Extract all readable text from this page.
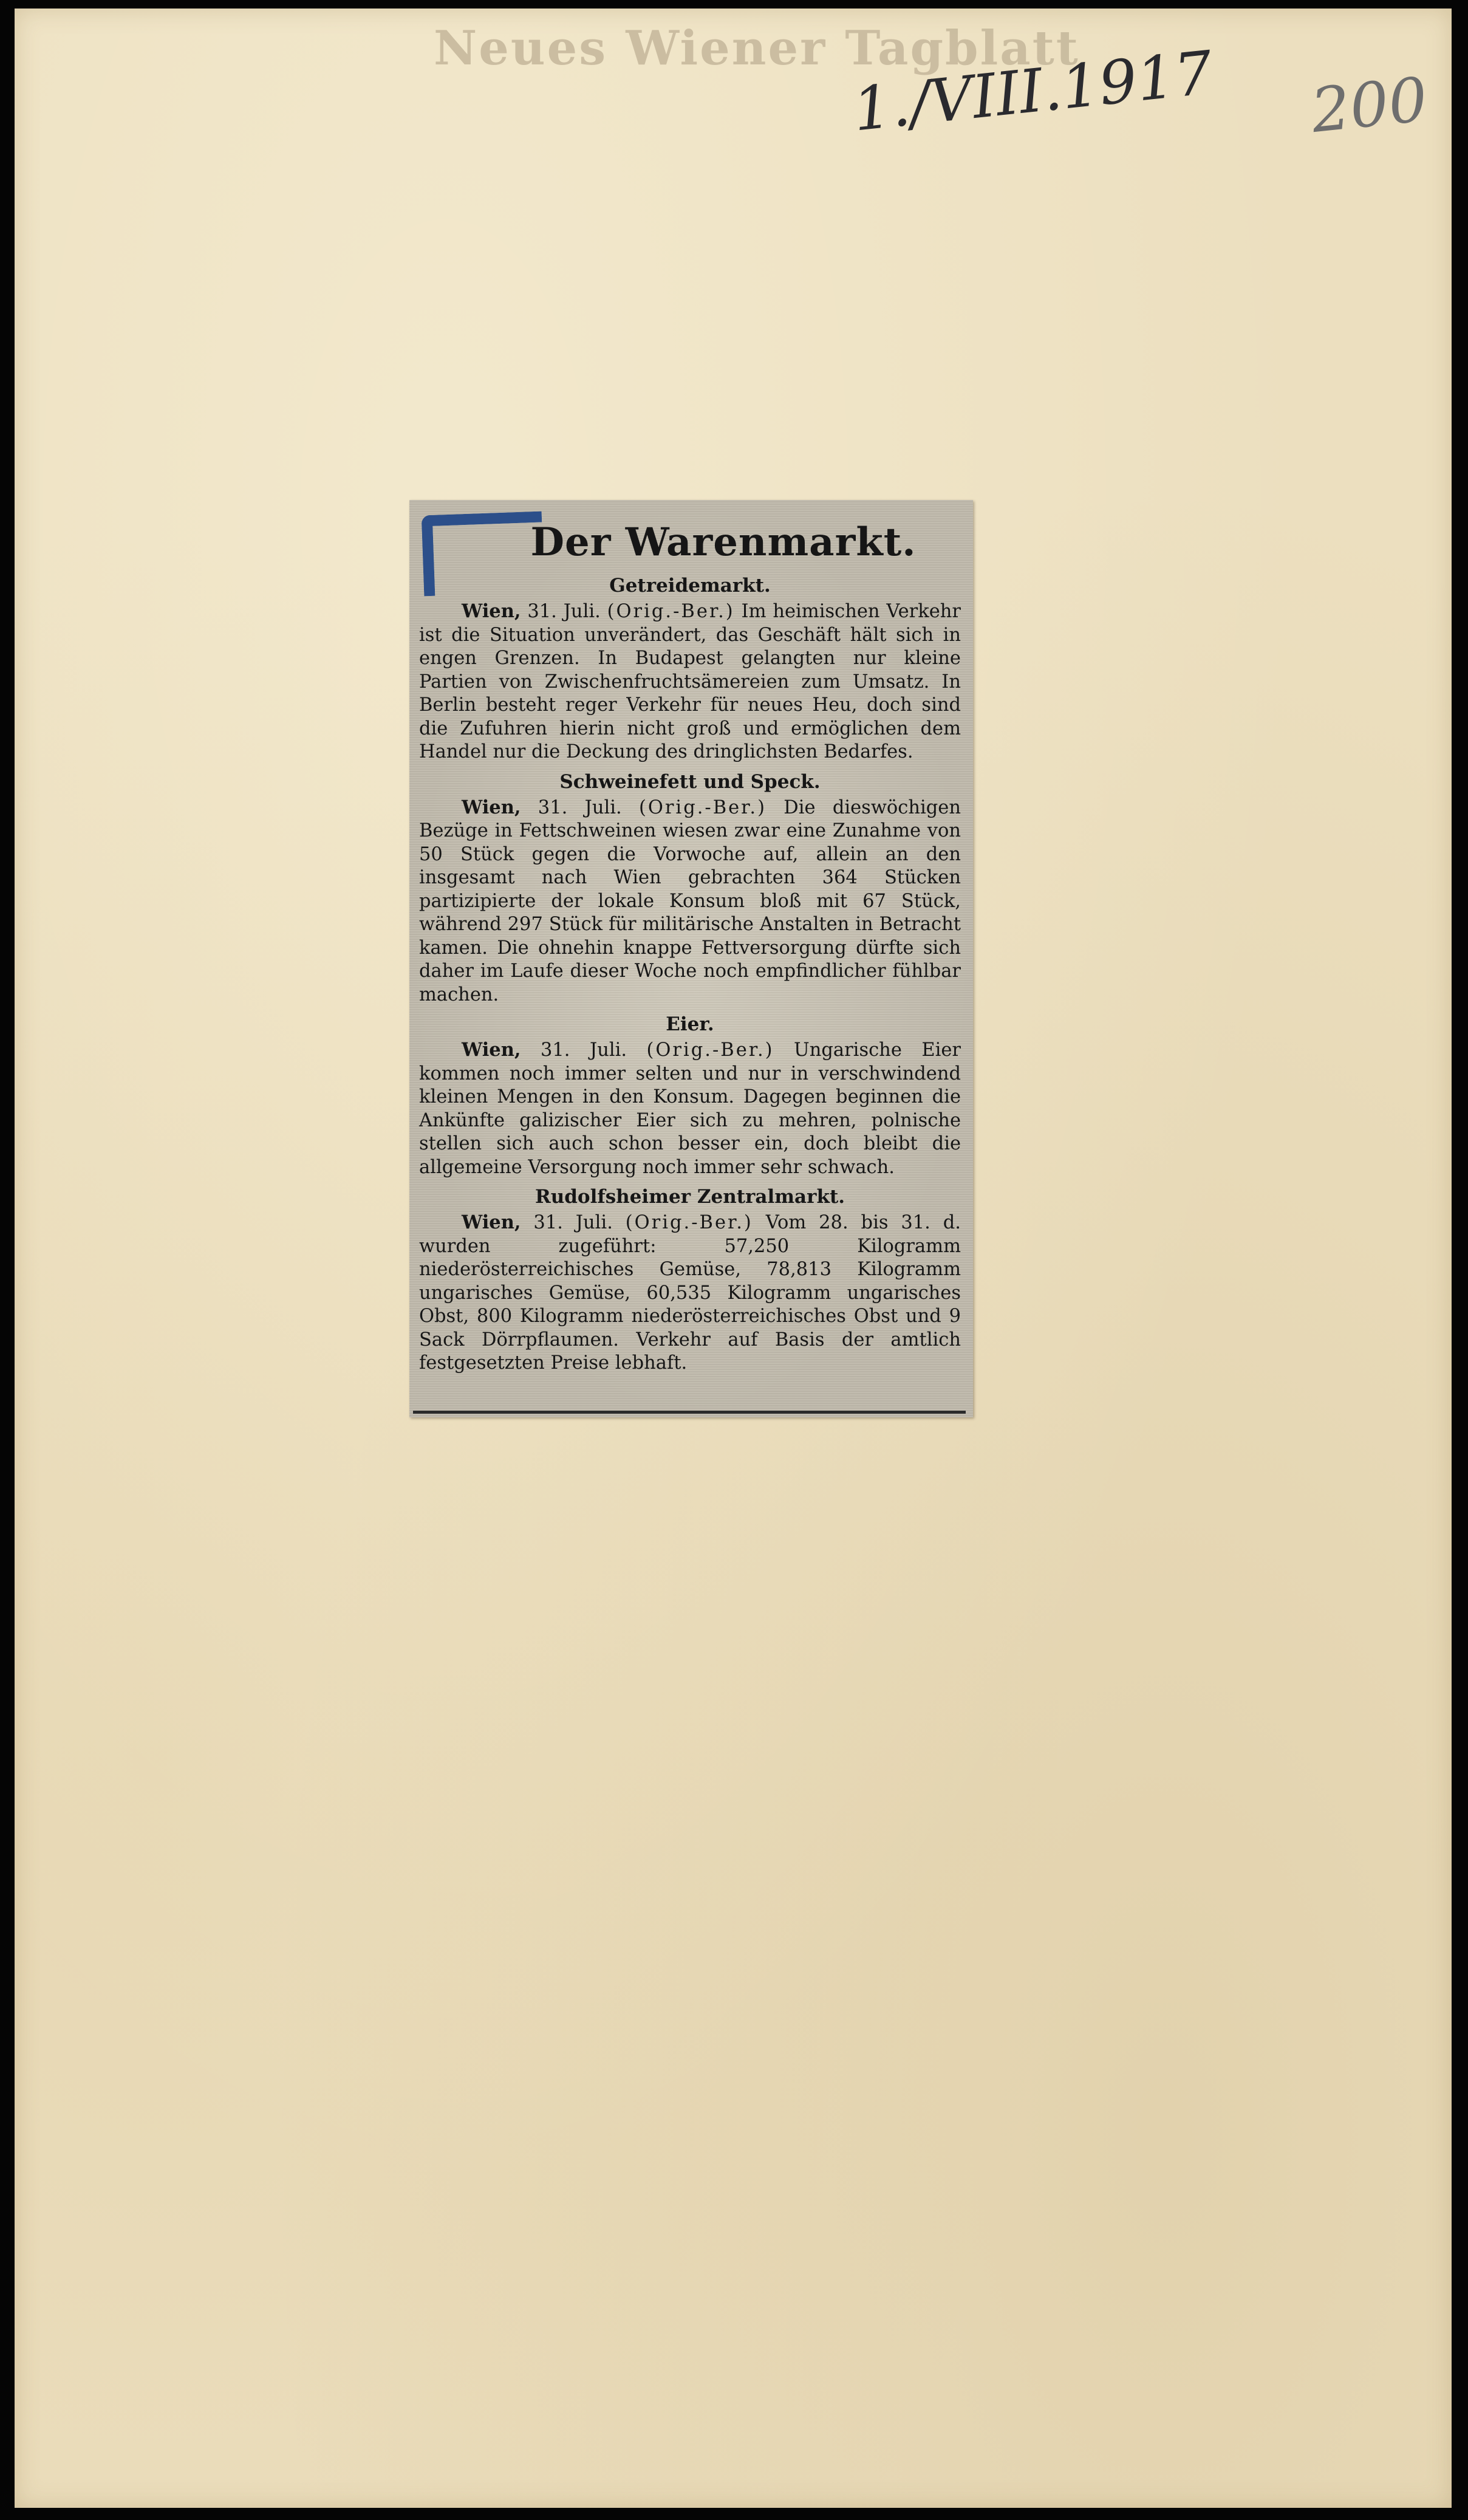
Neues Wiener Tagblatt
1./VIII.1917 200
Der Warenmarkt.
Getreidemarkt.

Wien, 31. Juli. (Orig.-Ber.) Im heimischen Verkehr ist die Situation unverändert, das Geschäft hält sich in engen Grenzen. In Budapest gelangten nur kleine Partien von Zwischenfruchtsämereien zum Umsatz. In Berlin besteht reger Verkehr für neues Heu, doch sind die Zufuhren hierin nicht groß und ermöglichen dem Handel nur die Deckung des dringlichsten Bedarfes.

Schweinefett und Speck.

Wien, 31. Juli. (Orig.-Ber.) Die dieswöchigen Bezüge in Fettschweinen wiesen zwar eine Zunahme von 50 Stück gegen die Vorwoche auf, allein an den insgesamt nach Wien gebrachten 364 Stücken partizipierte der lokale Konsum bloß mit 67 Stück, während 297 Stück für militärische Anstalten in Betracht kamen. Die ohnehin knappe Fettversorgung dürfte sich daher im Laufe dieser Woche noch empfindlicher fühlbar machen.

Eier.

Wien, 31. Juli. (Orig.-Ber.) Ungarische Eier kommen noch immer selten und nur in verschwindend kleinen Mengen in den Konsum. Dagegen beginnen die Ankünfte galizischer Eier sich zu mehren, polnische stellen sich auch schon besser ein, doch bleibt die allgemeine Versorgung noch immer sehr schwach.

Rudolfsheimer Zentralmarkt.

Wien, 31. Juli. (Orig.-Ber.) Vom 28. bis 31. d. wurden zugeführt: 57,250 Kilogramm niederösterreichisches Gemüse, 78,813 Kilogramm ungarisches Gemüse, 60,535 Kilogramm ungarisches Obst, 800 Kilogramm niederösterreichisches Obst und 9 Sack Dörrpflaumen. Verkehr auf Basis der amtlich festgesetzten Preise lebhaft.
